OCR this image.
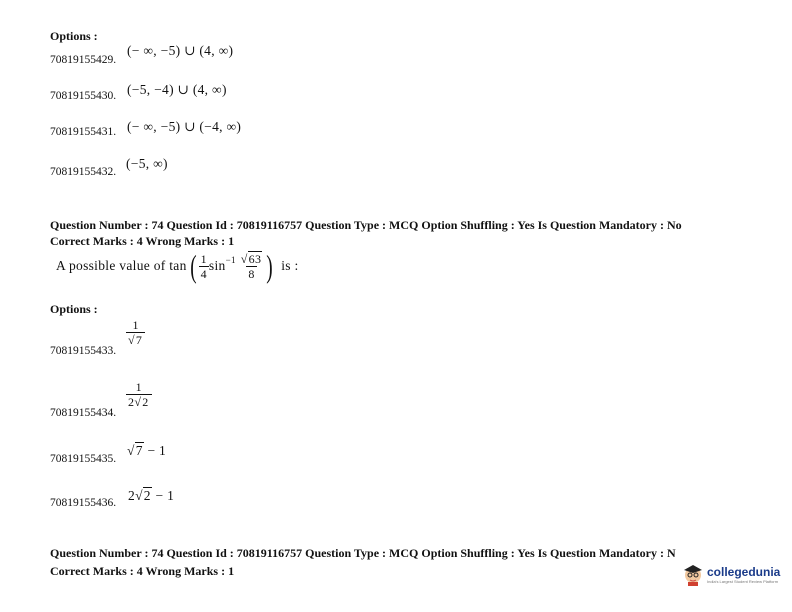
Options :
70819155429.
(− ∞, −5) ∪ (4, ∞)
70819155430. (−5, −4) ∪ (4, ∞)
70819155431. (− ∞, −5) ∪ (−4, ∞)
70819155432.
(−5, ∞)
Question Number : 74 Question Id : 70819116757 Question Type : MCQ Option Shuffling : Yes Is Question Mandatory : No
Correct Marks : 4 Wrong Marks : 1
A possible value of tan ( $\frac{1}{4} \sin^{-1} \frac{√63}{8}$ ) is :
Options :
70819155433.
$\frac{1}{√7}$
70819155434.
$\frac{1}{2√2}$
70819155435.
√7 − 1
70819155436. 2√2 − 1
Question Number : 74 Question Id : 70819116757 Question Type : MCQ Option Shuffling : Yes Is Question Mandatory : N
Correct Marks : 4 Wrong Marks : 1	collegedunia
India's Largest Student Review Platform
